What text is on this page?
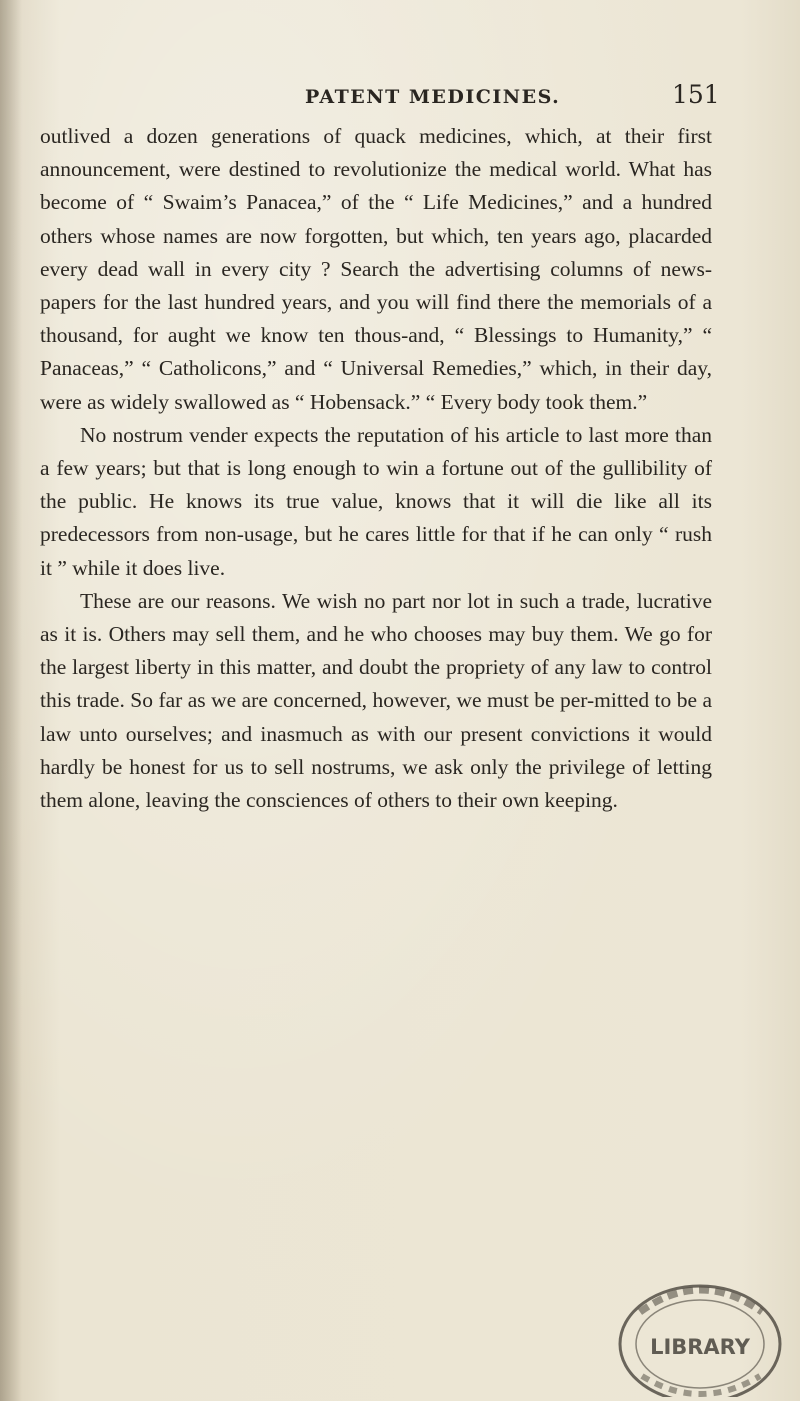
PATENT MEDICINES.	151

outlived a dozen generations of quack medicines, which, at their first announcement, were destined to revolutionize the medical world. What has become of “ Swaim’s Panacea,” of the “ Life Medicines,” and a hundred others whose names are now forgotten, but which, ten years ago, placarded every dead wall in every city ? Search the advertising columns of news-papers for the last hundred years, and you will find there the memorials of a thousand, for aught we know ten thous-and, “ Blessings to Humanity,” “ Panaceas,” “ Catholicons,” and “ Universal Remedies,” which, in their day, were as widely swallowed as “ Hobensack.” “ Every body took them.”

No nostrum vender expects the reputation of his article to last more than a few years; but that is long enough to win a fortune out of the gullibility of the public. He knows its true value, knows that it will die like all its predecessors from non-usage, but he cares little for that if he can only “ rush it ” while it does live.

These are our reasons. We wish no part nor lot in such a trade, lucrative as it is. Others may sell them, and he who chooses may buy them. We go for the largest liberty in this matter, and doubt the propriety of any law to control this trade. So far as we are concerned, however, we must be per-mitted to be a law unto ourselves; and inasmuch as with our present convictions it would hardly be honest for us to sell nostrums, we ask only the privilege of letting them alone, leaving the consciences of others to their own keeping.

LIBRARY
